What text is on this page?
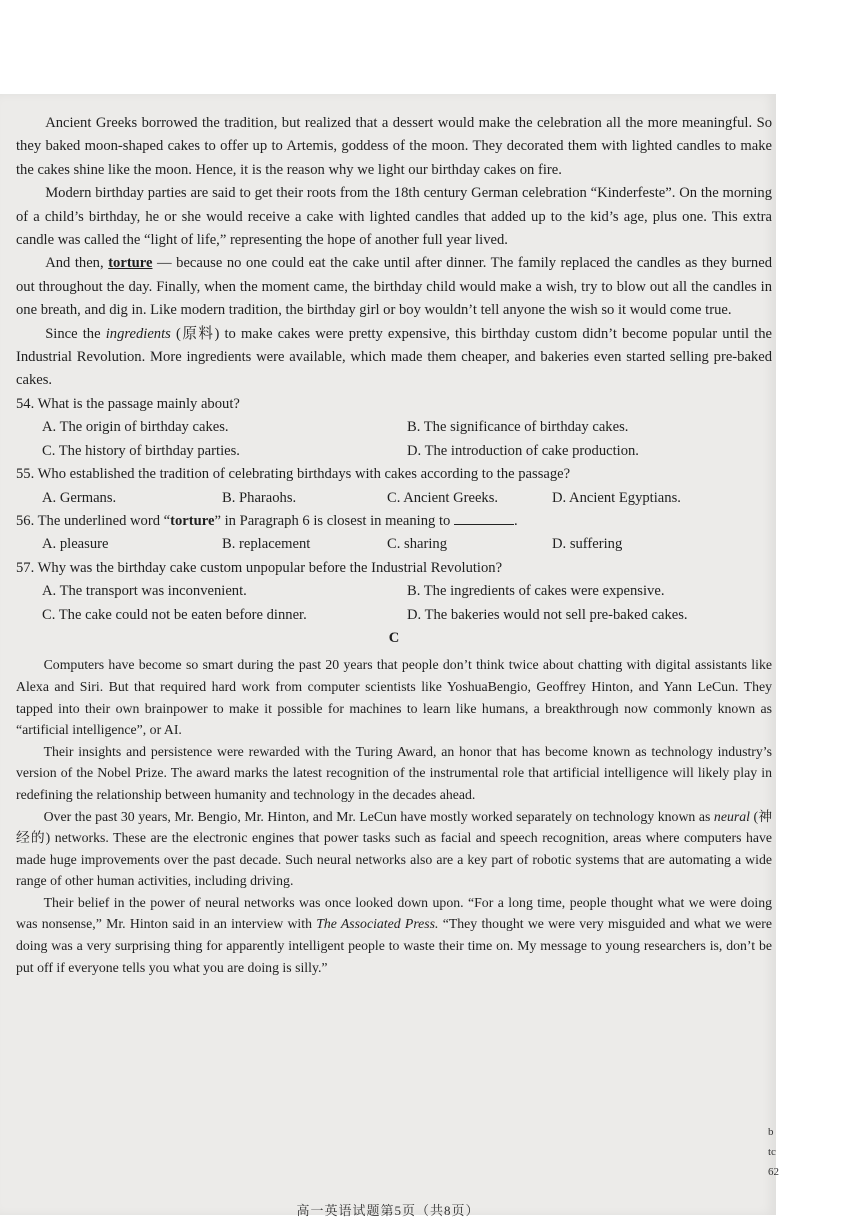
Ancient Greeks borrowed the tradition, but realized that a dessert would make the celebration all the more meaningful. So they baked moon-shaped cakes to offer up to Artemis, goddess of the moon. They decorated them with lighted candles to make the cakes shine like the moon. Hence, it is the reason why we light our birthday cakes on fire.

Modern birthday parties are said to get their roots from the 18th century German celebration “Kinderfeste”. On the morning of a child’s birthday, he or she would receive a cake with lighted candles that added up to the kid’s age, plus one. This extra candle was called the “light of life,” representing the hope of another full year lived.

And then, torture — because no one could eat the cake until after dinner. The family replaced the candles as they burned out throughout the day. Finally, when the moment came, the birthday child would make a wish, try to blow out all the candles in one breath, and dig in. Like modern tradition, the birthday girl or boy wouldn’t tell anyone the wish so it would come true.

Since the ingredients (原料) to make cakes were pretty expensive, this birthday custom didn’t become popular until the Industrial Revolution. More ingredients were available, which made them cheaper, and bakeries even started selling pre-baked cakes.

54. What is the passage mainly about?
A. The origin of birthday cakes.	B. The significance of birthday cakes.
C. The history of birthday parties.	D. The introduction of cake production.
55. Who established the tradition of celebrating birthdays with cakes according to the passage?
A. Germans.	B. Pharaohs.	C. Ancient Greeks.	D. Ancient Egyptians.
56. The underlined word “torture” in Paragraph 6 is closest in meaning to	.
A. pleasure	B. replacement	C. sharing	D. suffering
57. Why was the birthday cake custom unpopular before the Industrial Revolution?
A. The transport was inconvenient.	B. The ingredients of cakes were expensive.
C. The cake could not be eaten before dinner.	D. The bakeries would not sell pre-baked cakes.
C

Computers have become so smart during the past 20 years that people don’t think twice about chatting with digital assistants like Alexa and Siri. But that required hard work from computer scientists like YoshuaBengio, Geoffrey Hinton, and Yann LeCun. They tapped into their own brainpower to make it possible for machines to learn like humans, a breakthrough now commonly known as “artificial intelligence”, or AI.

Their insights and persistence were rewarded with the Turing Award, an honor that has become known as technology industry’s version of the Nobel Prize. The award marks the latest recognition of the instrumental role that artificial intelligence will likely play in redefining the relationship between humanity and technology in the decades ahead.

Over the past 30 years, Mr. Bengio, Mr. Hinton, and Mr. LeCun have mostly worked separately on technology known as neural (神经的) networks. These are the electronic engines that power tasks such as facial and speech recognition, areas where computers have made huge improvements over the past decade. Such neural networks also are a key part of robotic systems that are automating a wide range of other human activities, including driving.

Their belief in the power of neural networks was once looked down upon. “For a long time, people thought what we were doing was nonsense,” Mr. Hinton said in an interview with The Associated Press. “They thought we were very misguided and what we were doing was a very surprising thing for apparently intelligent people to waste their time on. My message to young researchers is, don’t be put off if everyone tells you what you are doing is silly.”

高一英语试题第5页（共8页）
b
tc
62
